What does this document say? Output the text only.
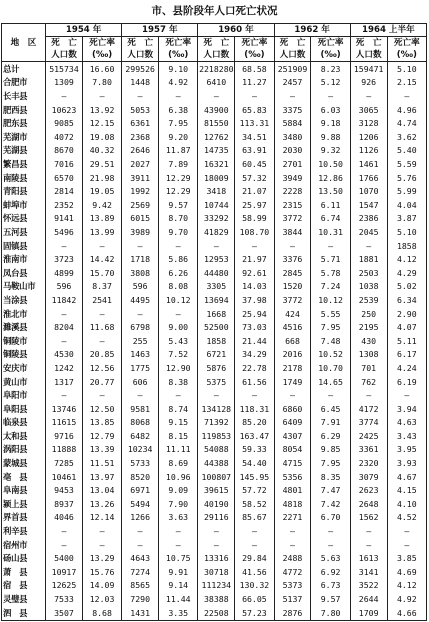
市、县阶段年人口死亡状况
地　区	1954 年		1957 年		1960 年		1962 年		1964 上半年	
	死　亡	死亡率	死　亡	死亡率	死　亡	死亡率	死　亡	死亡率	死　亡	死亡率
	人口数	(‰)	人口数	(‰)	人口数	(‰)	人口数	(‰)	人口数	(‰)
总计	515734	16.60	299526	9.10	2218280	68.58	251909	8.23	159471	5.10
合肥市	1309	7.80	1448	4.92	6410	11.27	2457	5.12	926	2.15
长丰县	—	—	—	—	—	—	—	—	—	—
肥西县	10623	13.92	5053	6.38	43900	65.83	3375	6.03	3065	4.96
肥东县	9085	12.15	6361	7.95	81550	113.31	5884	9.18	3128	4.74
芜湖市	4072	19.08	2368	9.20	12762	34.51	3480	9.88	1206	3.62
芜湖县	8670	40.32	2646	11.87	14735	63.91	2030	9.32	1126	5.40
繁昌县	7016	29.51	2027	7.89	16321	60.45	2701	10.50	1461	5.59
南陵县	6570	21.98	3911	12.29	18009	57.32	3949	12.86	1766	5.76
青阳县	2814	19.05	1992	12.29	3418	21.07	2228	13.50	1070	5.99
蚌埠市	2352	9.42	2569	9.57	10744	25.97	2315	6.11	1547	4.04
怀远县	9141	13.89	6015	8.70	33292	58.99	3772	6.74	2386	3.87
五河县	5496	13.99	3989	9.70	41829	108.70	3844	10.31	2045	5.10
固镇县	—	—	—	—	—	—	—	—	—	1858
淮南市	3723	14.42	1718	5.86	12953	21.97	3376	5.71	1881	4.12
凤台县	4899	15.70	3808	6.26	44480	92.61	2845	5.78	2503	4.29
马鞍山市	596	8.37	596	8.08	3305	14.03	1520	7.24	1038	5.02
当涂县	11842	2541	4495	10.12	13694	37.98	3772	10.12	2539	6.34
淮北市	—	—	—	—	1668	25.94	424	5.55	250	2.90
濉溪县	8204	11.68	6798	9.00	52500	73.03	4516	7.95	2195	4.07
铜陵市	—	—	255	5.43	1858	21.44	668	7.48	430	5.11
铜陵县	4530	20.85	1463	7.52	6721	34.29	2016	10.52	1308	6.17
安庆市	1242	12.56	1775	12.90	5876	22.78	2178	10.70	701	4.24
黄山市	1317	20.77	606	8.38	5375	61.56	1749	14.65	762	6.19
阜阳市	—	—	—	—	—	—	—	—	—	—
阜阳县	13746	12.50	9581	8.74	134128	118.31	6860	6.45	4172	3.94
临泉县	11615	13.85	8068	9.15	71392	85.20	6409	7.91	3774	4.63
太和县	9716	12.79	6482	8.15	119853	163.47	4307	6.29	2425	3.43
涡阳县	11888	13.39	10234	11.11	54088	59.33	8054	9.85	3361	3.95
蒙城县	7285	11.51	5733	8.69	44388	54.40	4715	7.95	2320	3.93
亳　县	10461	13.97	8520	10.96	100807	145.95	5356	8.35	3079	4.67
阜南县	9453	13.04	6971	9.09	39615	57.72	4801	7.47	2623	4.15
颍上县	8937	13.26	5494	7.90	40190	58.52	4818	7.42	2648	4.10
界首县	4046	12.14	1266	3.63	29116	85.67	2271	6.70	1562	4.52
利辛县	—	—	—	—	—	—	—	—	—	—
宿州市	—	—	—	—	—	—	—	—	—	—
砀山县	5400	13.29	4643	10.75	13316	29.84	2488	5.63	1613	3.85
萧　县	10917	15.76	7274	9.91	30718	41.56	4772	6.92	3141	4.69
宿　县	12625	14.09	8565	9.14	111234	130.32	5373	6.73	3522	4.12
灵璧县	7533	12.03	7290	11.44	38388	66.05	5137	9.57	2644	4.92
泗　县	3507	8.68	1431	3.35	22508	57.23	2876	7.80	1709	4.66
